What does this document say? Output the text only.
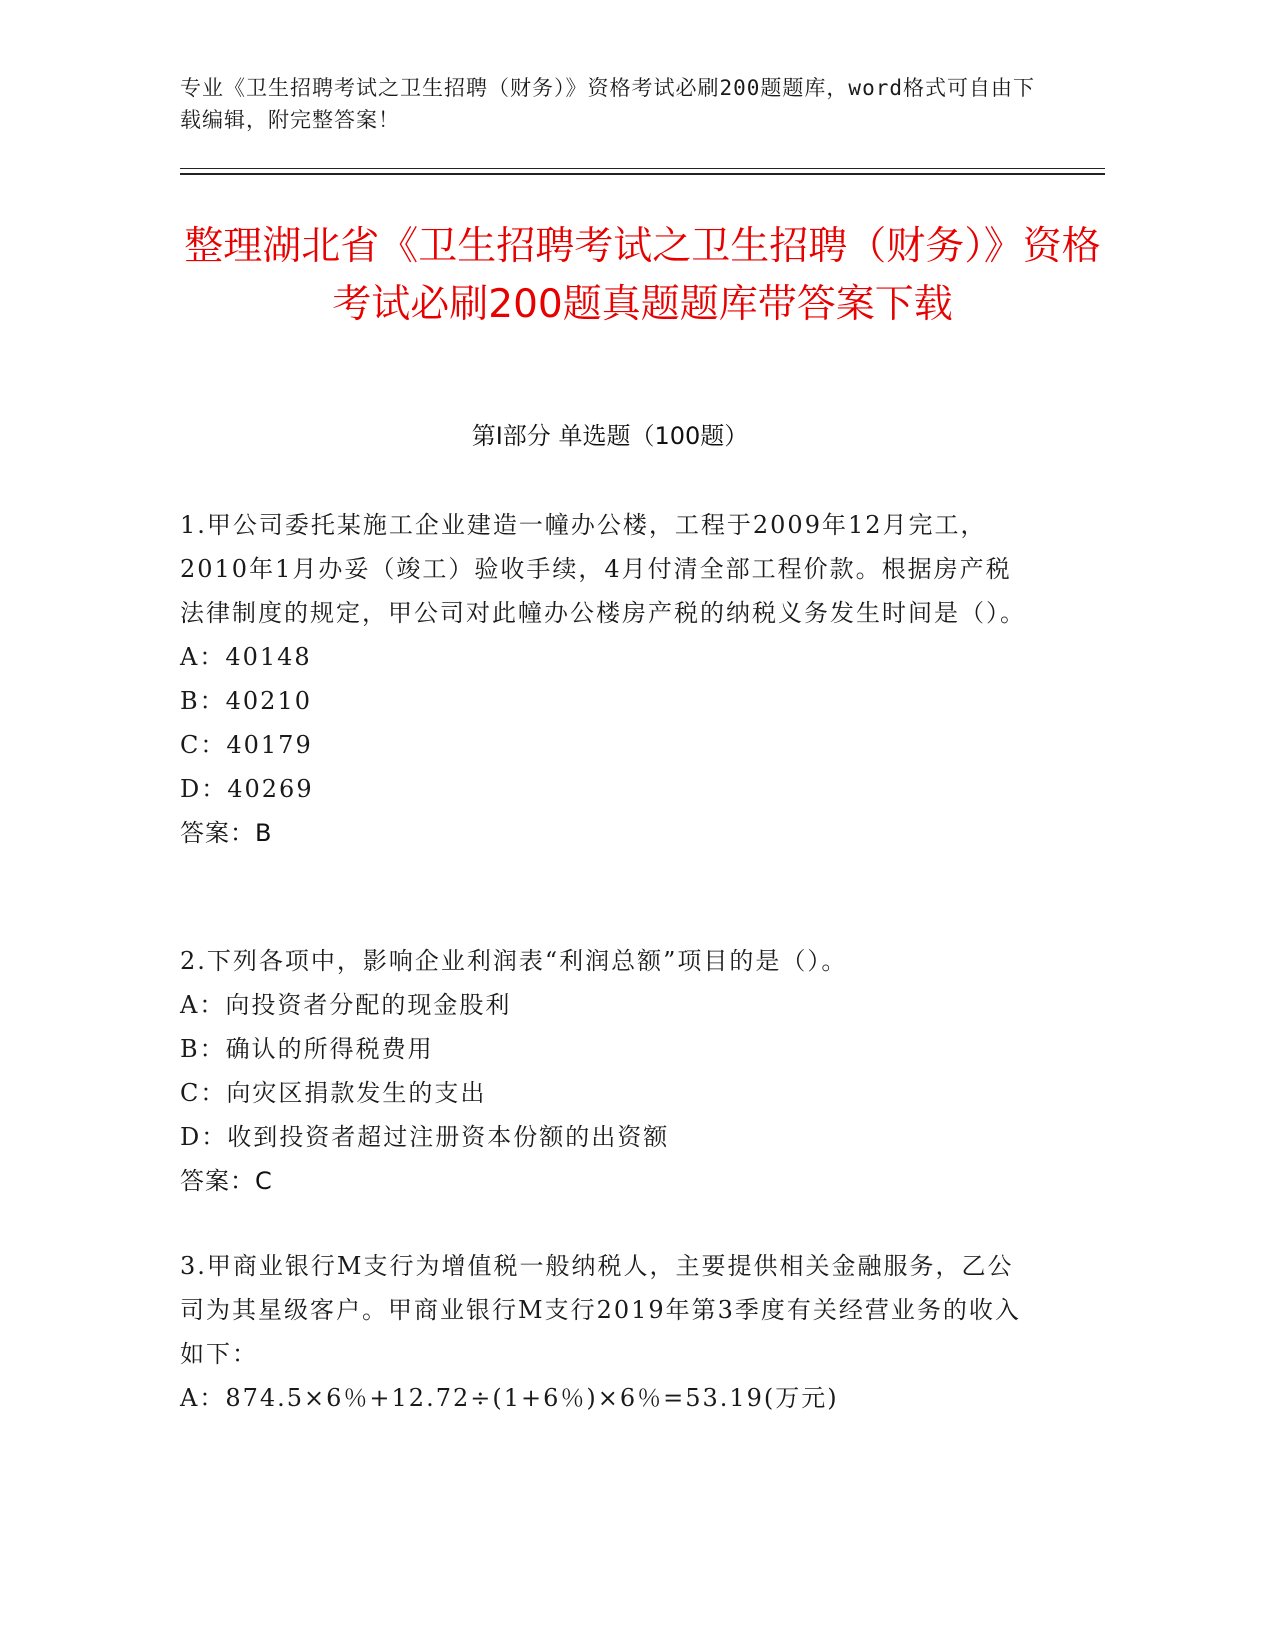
专业《卫生招聘考试之卫生招聘（财务）》资格考试必刷200题题库，word格式可自由下载编辑，附完整答案！
整理湖北省《卫生招聘考试之卫生招聘（财务）》资格考试必刷200题真题题库带答案下载
第Ⅰ部分 单选题（100题）

1.甲公司委托某施工企业建造一幢办公楼，工程于2009年12月完工，2010年1月办妥（竣工）验收手续，4月付清全部工程价款。根据房产税法律制度的规定，甲公司对此幢办公楼房产税的纳税义务发生时间是（）。

A：40148

B：40210

C：40179

D：40269

答案：B

2.下列各项中，影响企业利润表“利润总额”项目的是（）。

A：向投资者分配的现金股利

B：确认的所得税费用

C：向灾区捐款发生的支出

D：收到投资者超过注册资本份额的出资额

答案：C

3.甲商业银行M支行为增值税一般纳税人，主要提供相关金融服务，乙公司为其星级客户。甲商业银行M支行2019年第3季度有关经营业务的收入如下：

A：874.5×6％+12.72÷(1+6％)×6％=53.19(万元)
